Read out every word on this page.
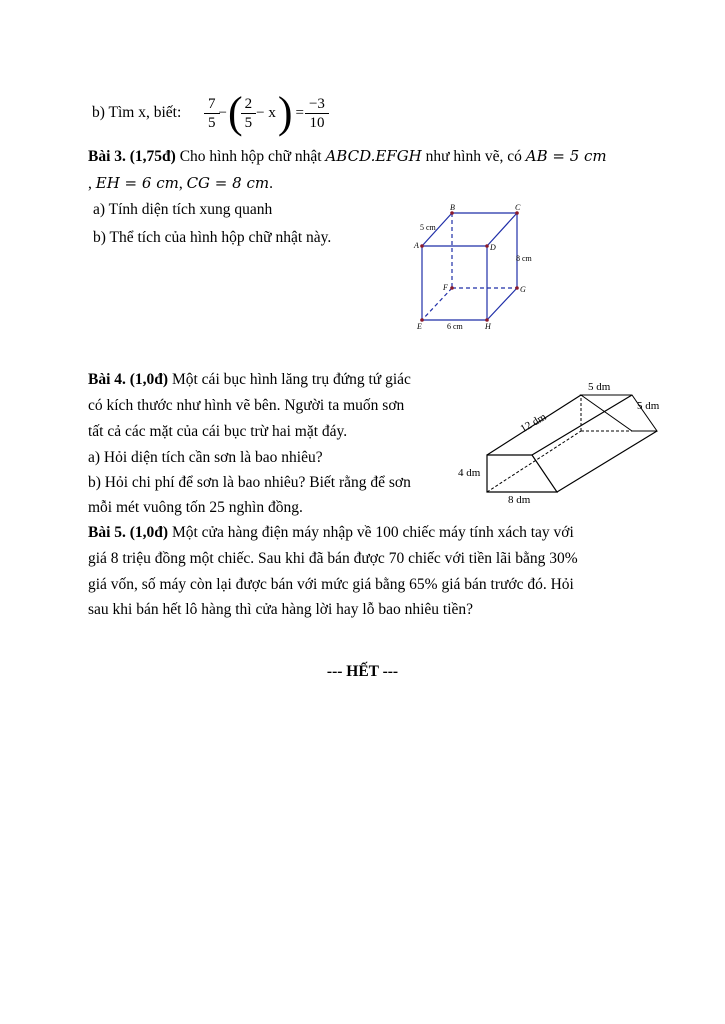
b) Tìm x, biết: $\frac{7}{5}$ − ( $\frac{2}{5} - x$ ) = $\frac{-3}{10}$
Bài 3. (1,75đ) Cho hình hộp chữ nhật ABCD.EFGH như hình vẽ, có AB = 5 cm
, EH = 6 cm, CG = 8 cm.
a) Tính diện tích xung quanh
b) Thể tích của hình hộp chữ nhật này.	A
B	C
D
E
F	G
H
5 cm
8 cm
6 cm
Bài 4. (1,0đ) Một cái bục hình lăng trụ đứng tứ giác
có kích thước như hình vẽ bên. Người ta muốn sơn
tất cả các mặt của cái bục trừ hai mặt đáy.
a) Hỏi diện tích cần sơn là bao nhiêu?
b) Hỏi chi phí để sơn là bao nhiêu? Biết rằng để sơn
mỗi mét vuông tốn 25 nghìn đồng.
5 dm
5 dm
12 dm
4 dm
8 dm
Bài 5. (1,0đ) Một cửa hàng điện máy nhập về 100 chiếc máy tính xách tay với
giá 8 triệu đồng một chiếc. Sau khi đã bán được 70 chiếc với tiền lãi bằng 30%
giá vốn, số máy còn lại được bán với mức giá bằng 65% giá bán trước đó. Hỏi
sau khi bán hết lô hàng thì cửa hàng lời hay lỗ bao nhiêu tiền?
--- HẾT ---
